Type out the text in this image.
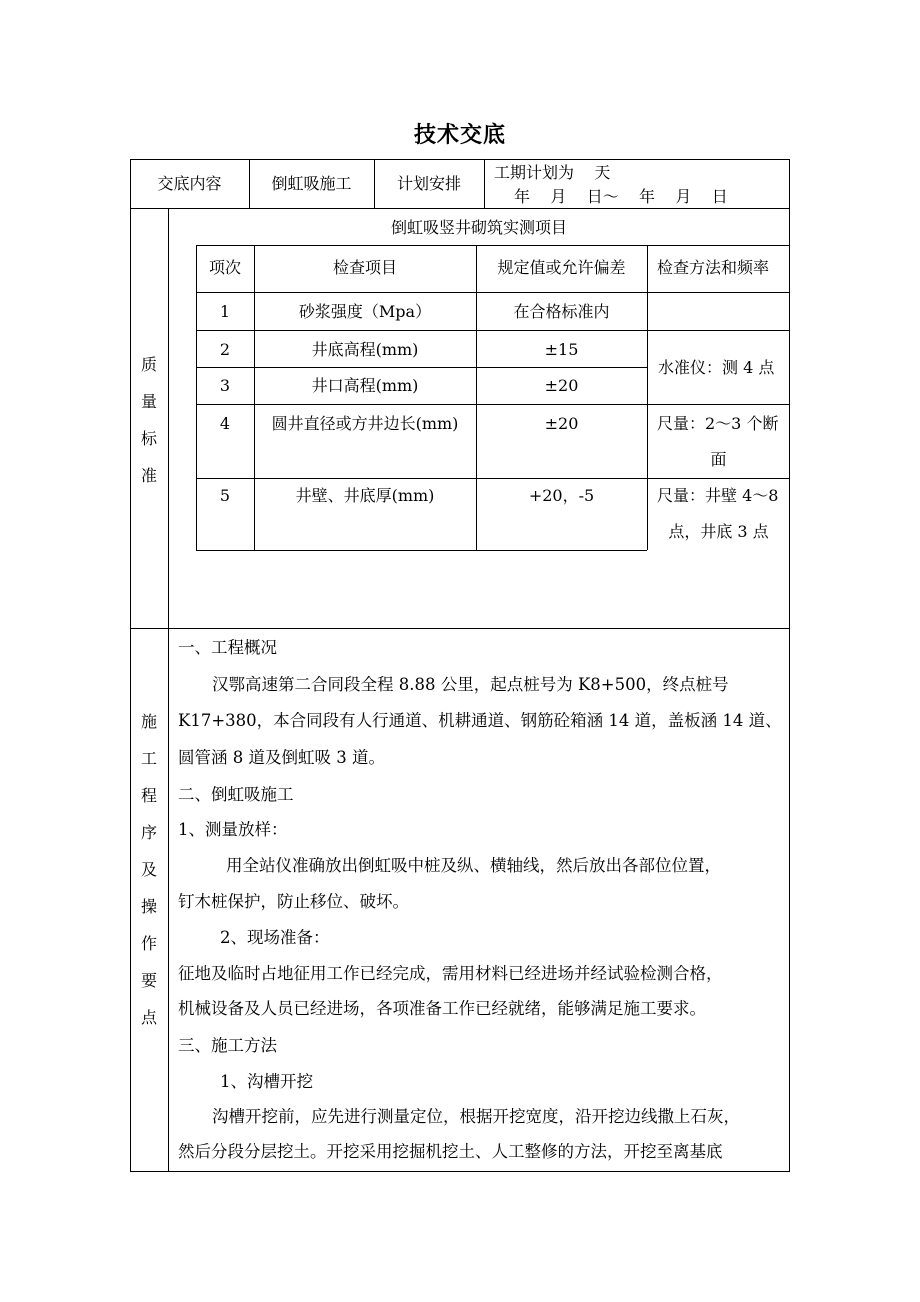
技术交底
交底内容	倒虹吸施工	计划安排
工期计划为    天
年    月    日～    年    月    日
质
量
标
准
倒虹吸竖井砌筑实测项目
项次	检查项目	规定值或允许偏差	检查方法和频率
1	砂浆强度（Mpa）	在合格标准内
2	井底高程(mm)	±15
3	井口高程(mm)	±20
水准仪：测 4 点
4	圆井直径或方井边长(mm)	±20	尺量：2～3 个断
面
5	井壁、井底厚(mm)	+20，-5	尺量：井壁 4～8
点，井底 3 点
施
工
程
序
及
操
作
要
点
一、工程概况
汉鄂高速第二合同段全程 8.88 公里，起点桩号为 K8+500，终点桩号
K17+380，本合同段有人行通道、机耕通道、钢筋砼箱涵 14 道，盖板涵 14 道、
圆管涵 8 道及倒虹吸 3 道。
二、倒虹吸施工
1、测量放样：
用全站仪准确放出倒虹吸中桩及纵、横轴线，然后放出各部位位置，
钉木桩保护，防止移位、破坏。
2、现场准备：
征地及临时占地征用工作已经完成，需用材料已经进场并经试验检测合格，
机械设备及人员已经进场，各项准备工作已经就绪，能够满足施工要求。
三、施工方法
1、沟槽开挖
沟槽开挖前，应先进行测量定位，根据开挖宽度，沿开挖边线撒上石灰，
然后分段分层挖土。开挖采用挖掘机挖土、人工整修的方法，开挖至离基底
